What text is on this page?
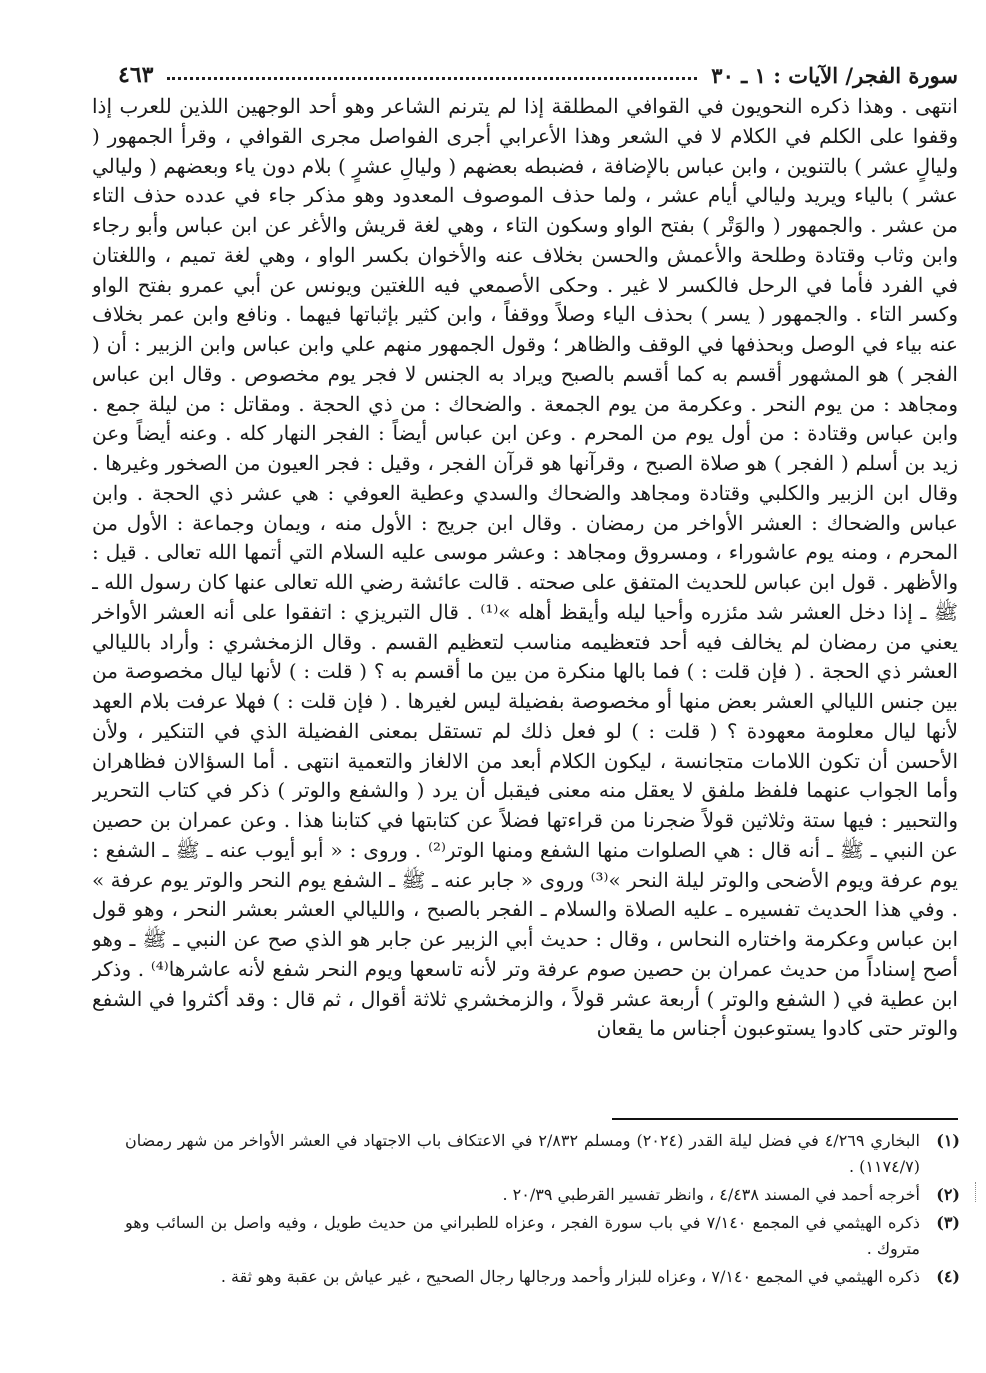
٤٦٣	سورة الفجر/ الآيات : ١ ـ ٣٠

انتهى . وهذا ذكره النحويون في القوافي المطلقة إذا لم يترنم الشاعر وهو أحد الوجهين اللذين للعرب إذا وقفوا على الكلم في الكلام لا في الشعر وهذا الأعرابي أجرى الفواصل مجرى القوافي ، وقرأ الجمهور ( وليالٍ عشر ) بالتنوين ، وابن عباس بالإضافة ، فضبطه بعضهم ( وليالِ عشرٍ ) بلام دون ياء وبعضهم ( وليالي عشر ) بالياء ويريد وليالي أيام عشر ، ولما حذف الموصوف المعدود وهو مذكر جاء في عدده حذف التاء من عشر . والجمهور ( والوَتْر ) بفتح الواو وسكون التاء ، وهي لغة قريش والأغر عن ابن عباس وأبو رجاء وابن وثاب وقتادة وطلحة والأعمش والحسن بخلاف عنه والأخوان بكسر الواو ، وهي لغة تميم ، واللغتان في الفرد فأما في الرحل فالكسر لا غير . وحكى الأصمعي فيه اللغتين ويونس عن أبي عمرو بفتح الواو وكسر التاء . والجمهور ( يسر ) بحذف الياء وصلاً ووقفاً ، وابن كثير بإثباتها فيهما . ونافع وابن عمر بخلاف عنه بياء في الوصل وبحذفها في الوقف والظاهر ؛ وقول الجمهور منهم علي وابن عباس وابن الزبير : أن ( الفجر ) هو المشهور أقسم به كما أقسم بالصبح ويراد به الجنس لا فجر يوم مخصوص . وقال ابن عباس ومجاهد : من يوم النحر . وعكرمة من يوم الجمعة . والضحاك : من ذي الحجة . ومقاتل : من ليلة جمع . وابن عباس وقتادة : من أول يوم من المحرم . وعن ابن عباس أيضاً : الفجر النهار كله . وعنه أيضاً وعن زيد بن أسلم ( الفجر ) هو صلاة الصبح ، وقرآنها هو قرآن الفجر ، وقيل : فجر العيون من الصخور وغيرها . وقال ابن الزبير والكلبي وقتادة ومجاهد والضحاك والسدي وعطية العوفي : هي عشر ذي الحجة . وابن عباس والضحاك : العشر الأواخر من رمضان . وقال ابن جريج : الأول منه ، ويمان وجماعة : الأول من المحرم ، ومنه يوم عاشوراء ، ومسروق ومجاهد : وعشر موسى عليه السلام التي أتمها الله تعالى . قيل : والأظهر . قول ابن عباس للحديث المتفق على صحته . قالت عائشة رضي الله تعالى عنها كان رسول الله ـ ﷺ ـ إذا دخل العشر شد مئزره وأحيا ليله وأيقظ أهله »⁽¹⁾ . قال التبريزي : اتفقوا على أنه العشر الأواخر يعني من رمضان لم يخالف فيه أحد فتعظيمه مناسب لتعظيم القسم . وقال الزمخشري : وأراد بالليالي العشر ذي الحجة . ( فإن قلت : ) فما بالها منكرة من بين ما أقسم به ؟ ( قلت : ) لأنها ليال مخصوصة من بين جنس الليالي العشر بعض منها أو مخصوصة بفضيلة ليس لغيرها . ( فإن قلت : ) فهلا عرفت بلام العهد لأنها ليال معلومة معهودة ؟ ( قلت : ) لو فعل ذلك لم تستقل بمعنى الفضيلة الذي في التنكير ، ولأن الأحسن أن تكون اللامات متجانسة ، ليكون الكلام أبعد من الالغاز والتعمية انتهى . أما السؤالان فظاهران وأما الجواب عنهما فلفظ ملفق لا يعقل منه معنى فيقبل أن يرد ( والشفع والوتر ) ذكر في كتاب التحرير والتحبير : فيها ستة وثلاثين قولاً ضجرنا من قراءتها فضلاً عن كتابتها في كتابنا هذا . وعن عمران بن حصين عن النبي ـ ﷺ ـ أنه قال : هي الصلوات منها الشفع ومنها الوتر⁽²⁾ . وروى : « أبو أيوب عنه ـ ﷺ ـ الشفع : يوم عرفة ويوم الأضحى والوتر ليلة النحر »⁽³⁾ وروى « جابر عنه ـ ﷺ ـ الشفع يوم النحر والوتر يوم عرفة » . وفي هذا الحديث تفسيره ـ عليه الصلاة والسلام ـ الفجر بالصبح ، والليالي العشر بعشر النحر ، وهو قول ابن عباس وعكرمة واختاره النحاس ، وقال : حديث أبي الزبير عن جابر هو الذي صح عن النبي ـ ﷺ ـ وهو أصح إسناداً من حديث عمران بن حصين صوم عرفة وتر لأنه تاسعها ويوم النحر شفع لأنه عاشرها⁽⁴⁾ . وذكر ابن عطية في ( الشفع والوتر ) أربعة عشر قولاً ، والزمخشري ثلاثة أقوال ، ثم قال : وقد أكثروا في الشفع والوتر حتى كادوا يستوعبون أجناس ما يقعان

(١)
البخاري ٤/٢٦٩ في فضل ليلة القدر (٢٠٢٤) ومسلم ٢/٨٣٢ في الاعتكاف باب الاجتهاد في العشر الأواخر من شهر رمضان (١١٧٤/٧) .
(٢)
أخرجه أحمد في المسند ٤/٤٣٨ ، وانظر تفسير القرطبي ٢٠/٣٩ .
(٣)
ذكره الهيثمي في المجمع ٧/١٤٠ في باب سورة الفجر ، وعزاه للطبراني من حديث طويل ، وفيه واصل بن السائب وهو متروك .
(٤)
ذكره الهيثمي في المجمع ٧/١٤٠ ، وعزاه للبزار وأحمد ورجالها رجال الصحيح ، غير عياش بن عقبة وهو ثقة .
